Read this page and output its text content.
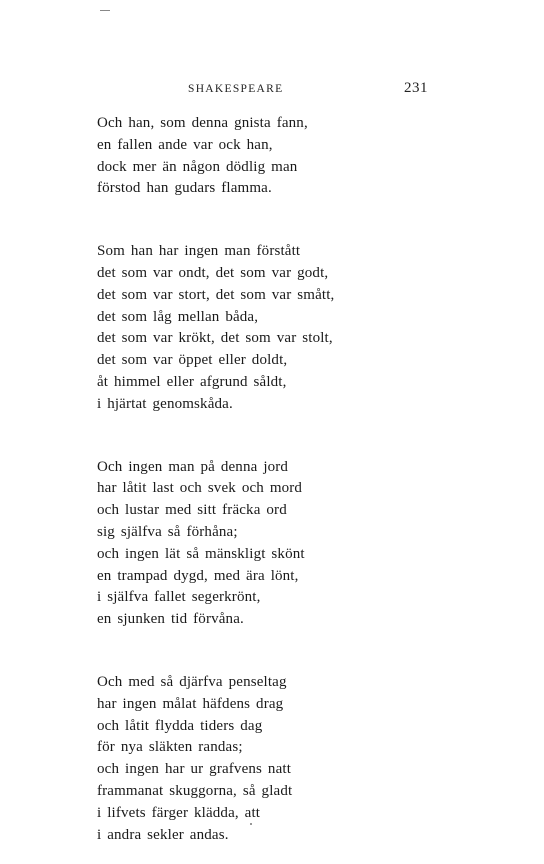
SHAKESPEARE	231
Och han, som denna gnista fann,
en fallen ande var ock han,
dock mer än någon dödlig man
förstod han gudars flamma.
Som han har ingen man förstått
det som var ondt, det som var godt,
det som var stort, det som var smått,
det som låg mellan båda,
det som var krökt, det som var stolt,
det som var öppet eller doldt,
åt himmel eller afgrund såldt,
i hjärtat genomskåda.
Och ingen man på denna jord
har låtit last och svek och mord
och lustar med sitt fräcka ord
sig själfva så förhåna;
och ingen lät så mänskligt skönt
en trampad dygd, med ära lönt,
i själfva fallet segerkrönt,
en sjunken tid förvåna.
Och med så djärfva penseltag
har ingen målat häfdens drag
och låtit flydda tiders dag
för nya släkten randas;
och ingen har ur grafvens natt
frammanat skuggorna, så gladt
i lifvets färger klädda, att
i andra sekler andas.
